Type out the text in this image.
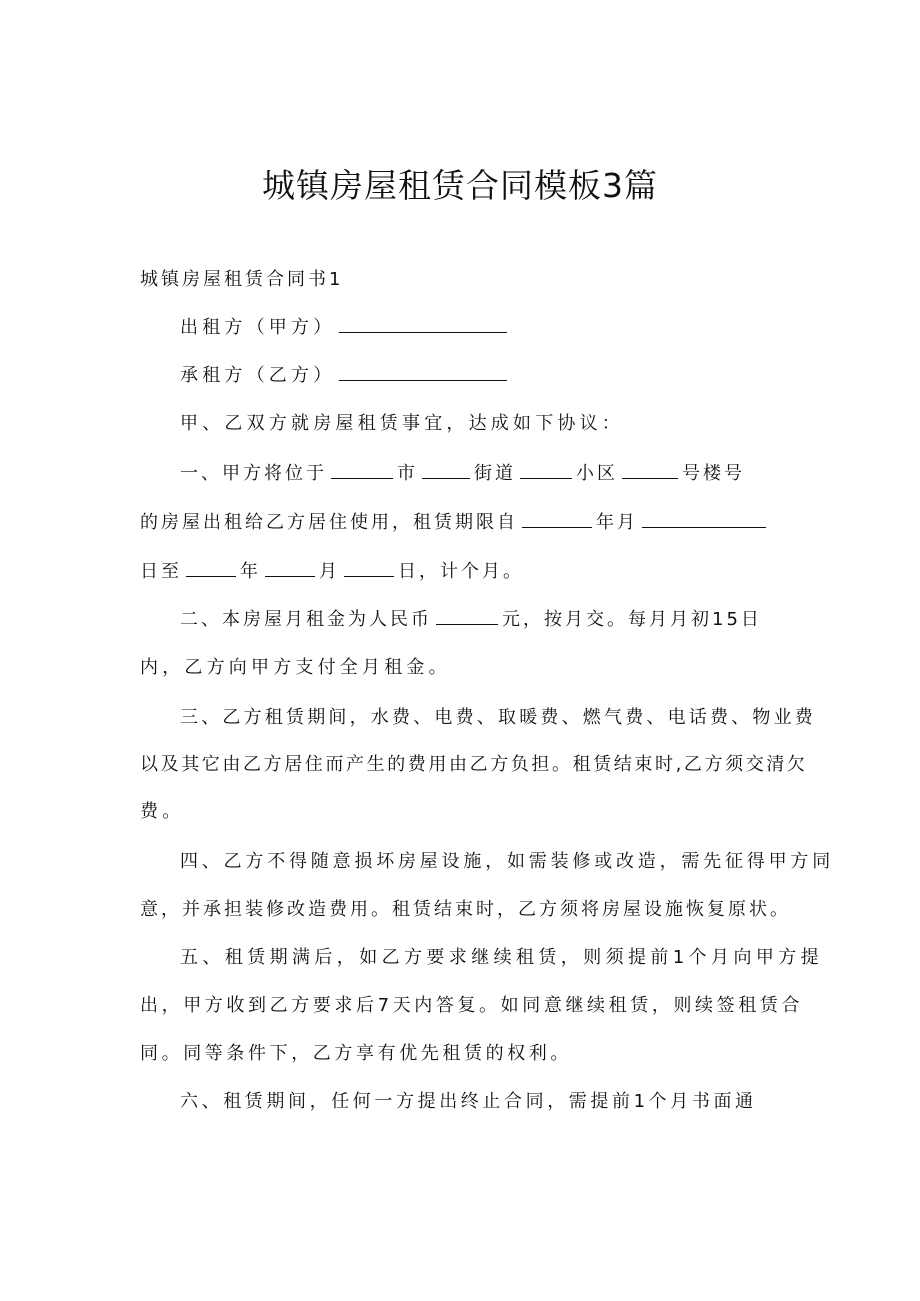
城镇房屋租赁合同模板3篇
城镇房屋租赁合同书1
出租方（甲方）
承租方（乙方）
甲、乙双方就房屋租赁事宜，达成如下协议：
一、甲方将位于	市	街道	小区	号楼号
的房屋出租给乙方居住使用，租赁期限自	年月
日至	年	月	日，计个月。
二、本房屋月租金为人民币	元，按月交。每月月初15日
内，乙方向甲方支付全月租金。
三、乙方租赁期间，水费、电费、取暖费、燃气费、电话费、物业费
以及其它由乙方居住而产生的费用由乙方负担。租赁结束时,乙方须交清欠
费。
四、乙方不得随意损坏房屋设施，如需装修或改造，需先征得甲方同
意，并承担装修改造费用。租赁结束时，乙方须将房屋设施恢复原状。
五、租赁期满后，如乙方要求继续租赁，则须提前1个月向甲方提
出，甲方收到乙方要求后7天内答复。如同意继续租赁，则续签租赁合
同。同等条件下，乙方享有优先租赁的权利。
六、租赁期间，任何一方提出终止合同，需提前1个月书面通
